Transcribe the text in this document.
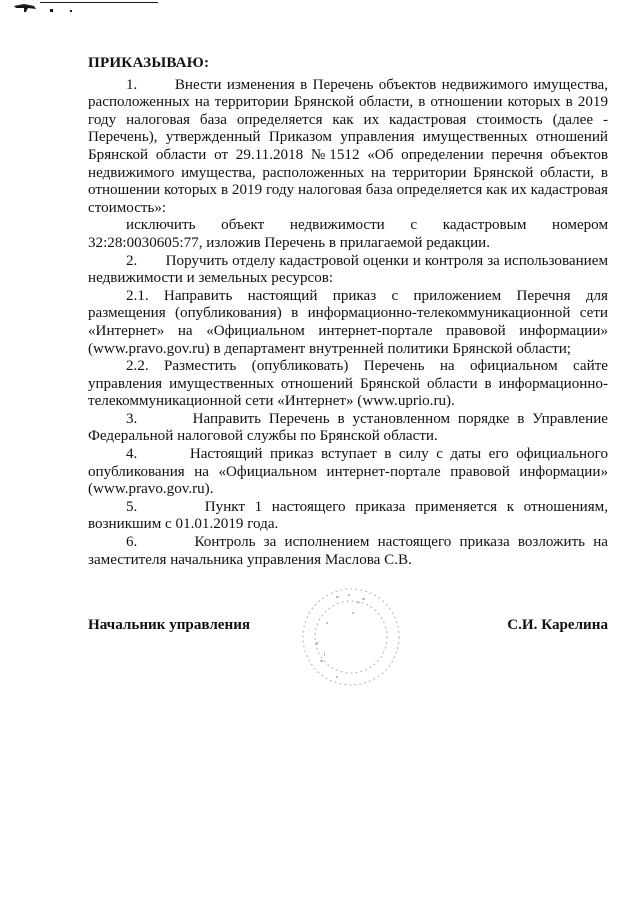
ПРИКАЗЫВАЮ:

1.       Внести изменения в Перечень объектов недвижимого имущества, расположенных на территории Брянской области, в отношении которых в 2019 году налоговая база определяется как их кадастровая стоимость (далее - Перечень), утвержденный Приказом управления имущественных отношений Брянской области от 29.11.2018 №1512 «Об определении перечня объектов недвижимого имущества, расположенных на территории Брянской области, в отношении которых в 2019 году налоговая база определяется как их кадастровая стоимость»:

исключить объект недвижимости с кадастровым номером 32:28:0030605:77, изложив Перечень в прилагаемой редакции.

2.       Поручить отделу кадастровой оценки и контроля за использованием недвижимости и земельных ресурсов:

2.1. Направить настоящий приказ с приложением Перечня для размещения (опубликования) в информационно-телекоммуникационной сети «Интернет» на «Официальном интернет-портале правовой информации» (www.pravo.gov.ru) в департамент внутренней политики Брянской области;

2.2. Разместить (опубликовать) Перечень на официальном сайте управления имущественных отношений Брянской области в информационно-телекоммуникационной сети «Интернет» (www.uprio.ru).

3.       Направить Перечень в установленном порядке в Управление Федеральной налоговой службы по Брянской области.

4.       Настоящий приказ вступает в силу с даты его официального опубликования на «Официальном интернет-портале правовой информации» (www.pravo.gov.ru).

5.       Пункт 1 настоящего приказа применяется к отношениям, возникшим с 01.01.2019 года.

6.       Контроль за исполнением настоящего приказа возложить на заместителя начальника управления Маслова С.В.

Начальник управления	С.И. Карелина
